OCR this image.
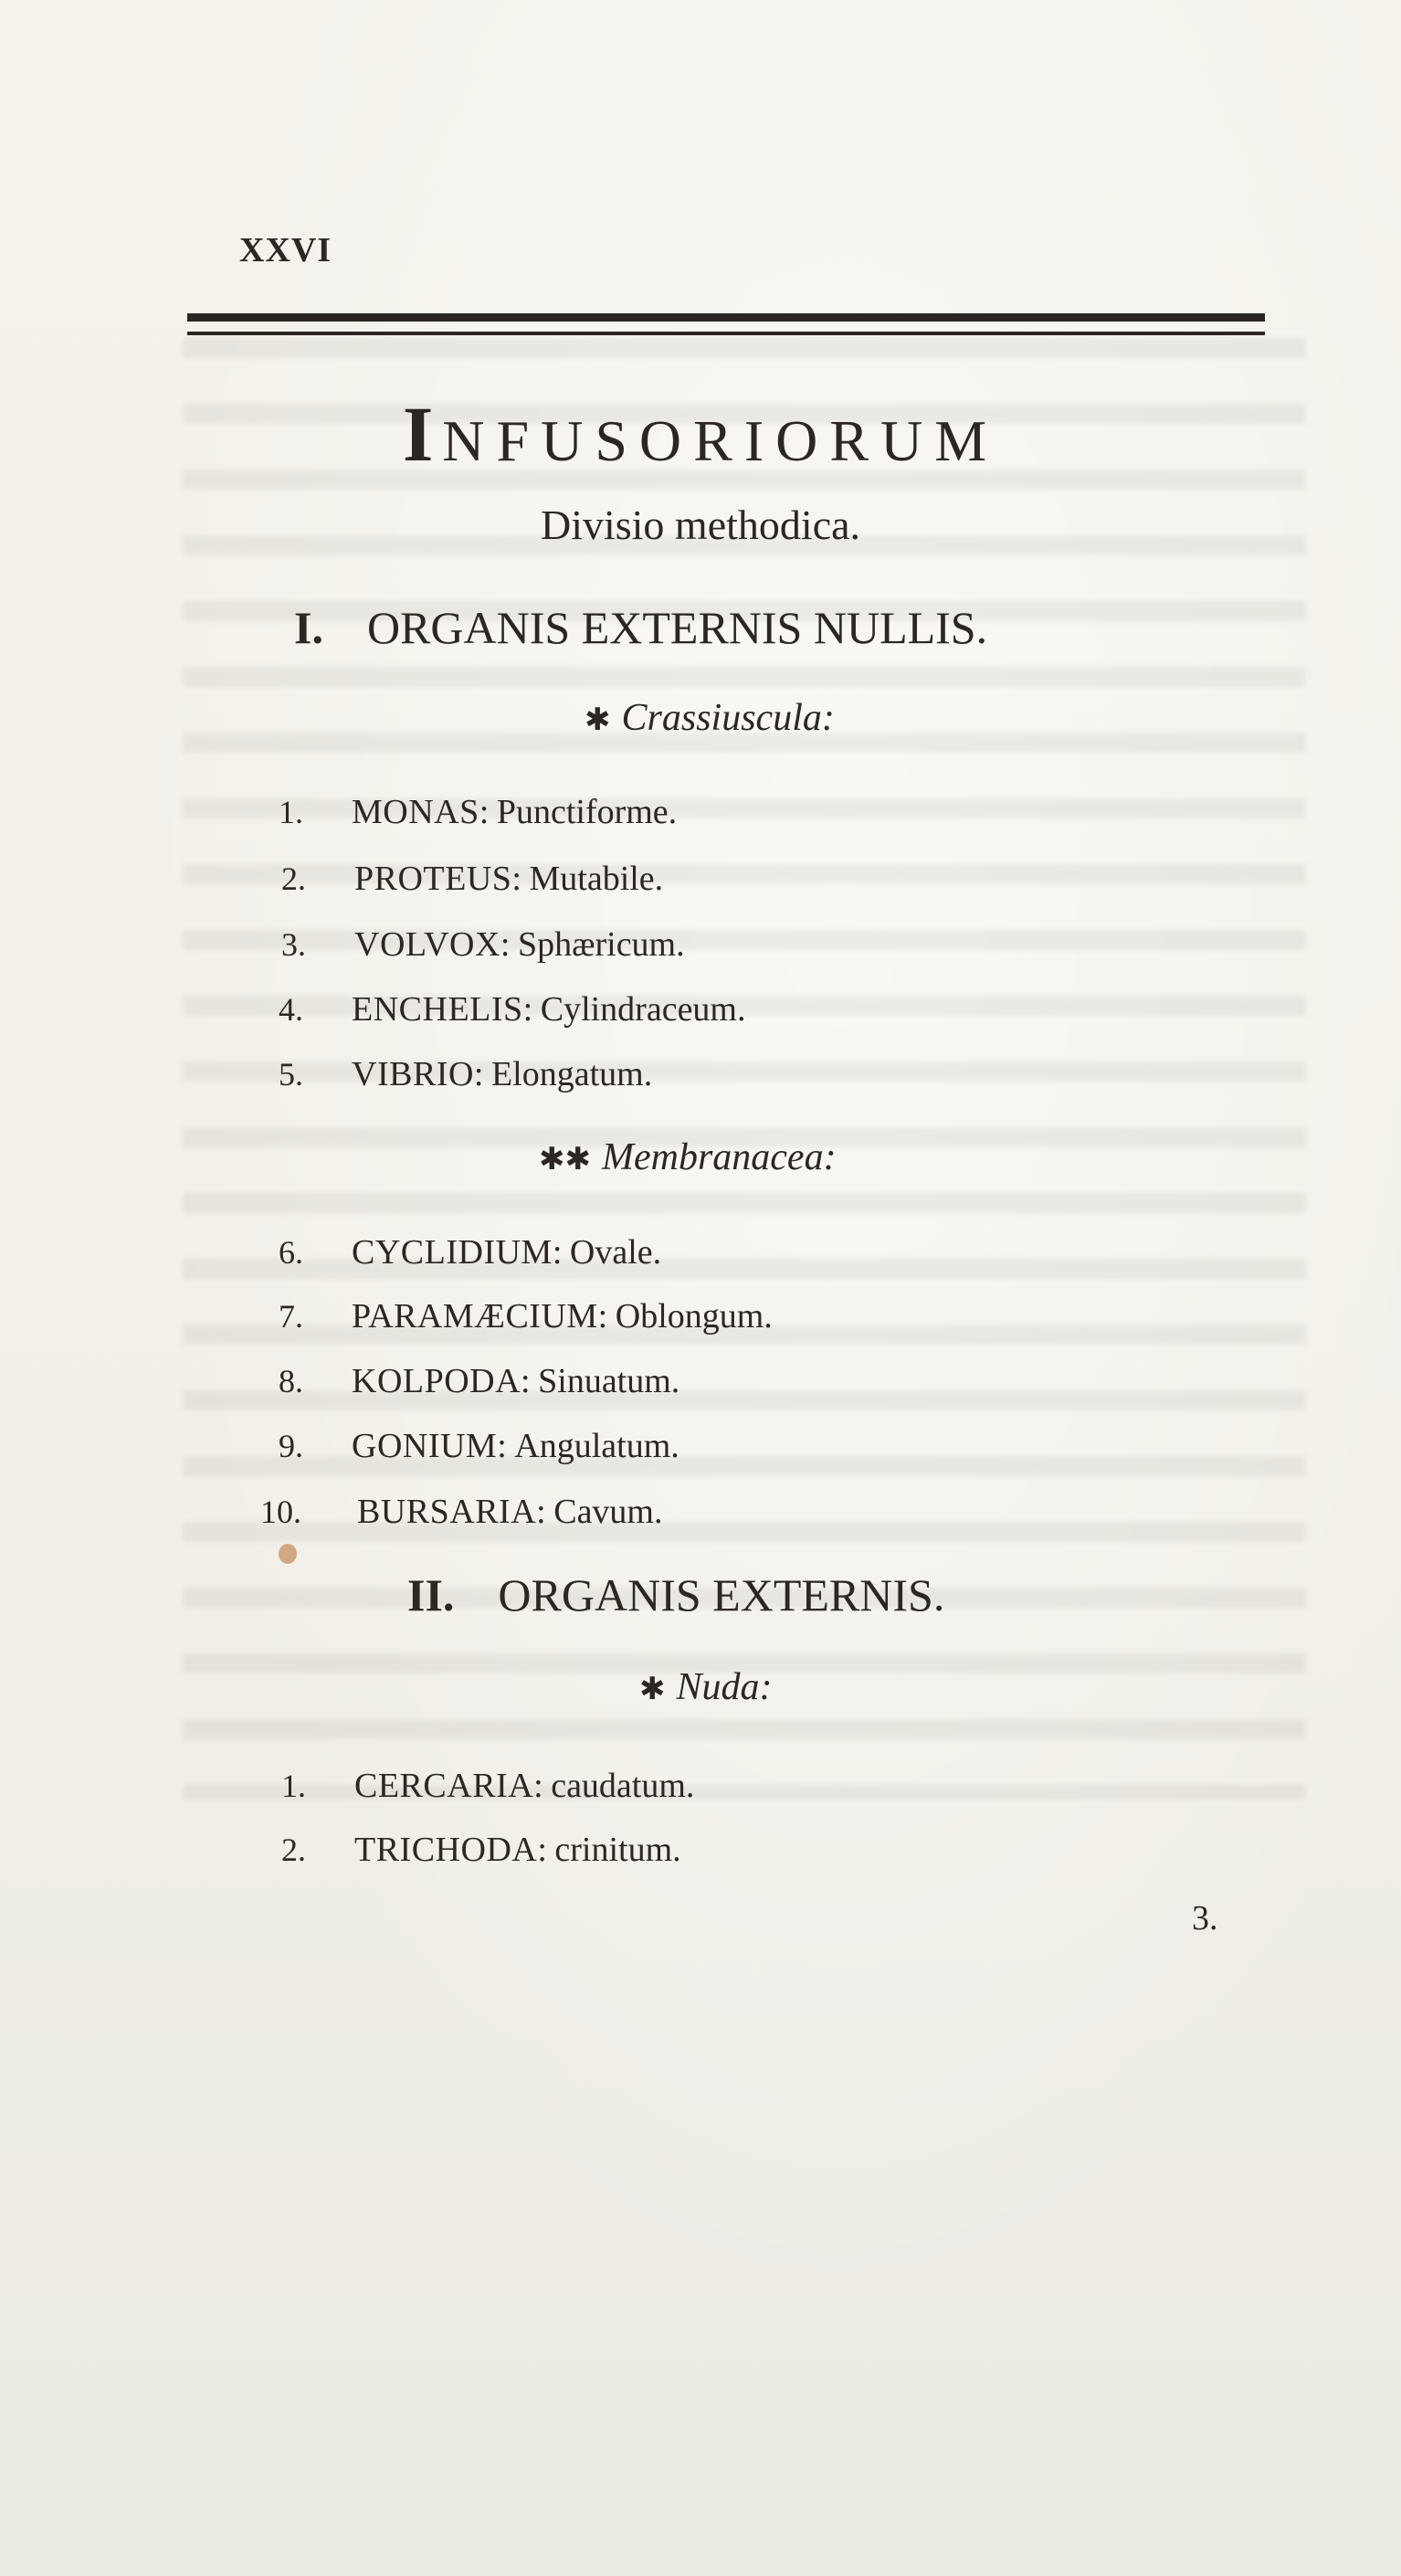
XXVI
INFUSORIORUM
Divisio methodica.
I. ORGANIS EXTERNIS NULLIS.
✱ Crassiuscula:
1. MONAS: Punctiforme.
2. PROTEUS: Mutabile.
3. VOLVOX: Sphæricum.
4. ENCHELIS: Cylindraceum.
5. VIBRIO: Elongatum.
✱✱ Membranacea:
6. CYCLIDIUM: Ovale.
7. PARAMÆCIUM: Oblongum.
8. KOLPODA: Sinuatum.
9. GONIUM: Angulatum.
10. BURSARIA: Cavum.
II. ORGANIS EXTERNIS.
✱ Nuda:
1. CERCARIA: caudatum.
2. TRICHODA: crinitum.
3.
